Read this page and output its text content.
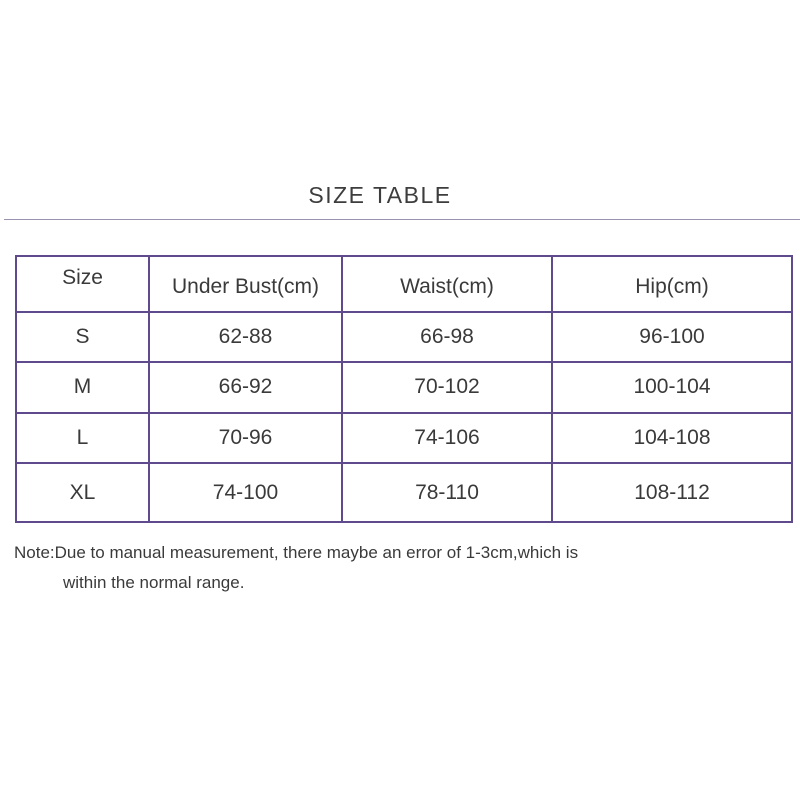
SIZE TABLE
Size	Under Bust(cm)	Waist(cm)	Hip(cm)
S	62-88	66-98	96-100
M	66-92	70-102	100-104
L	70-96	74-106	104-108
XL	74-100	78-110	108-112
Note:Due to manual measurement, there maybe an error of 1-3cm,which is
within the normal range.
